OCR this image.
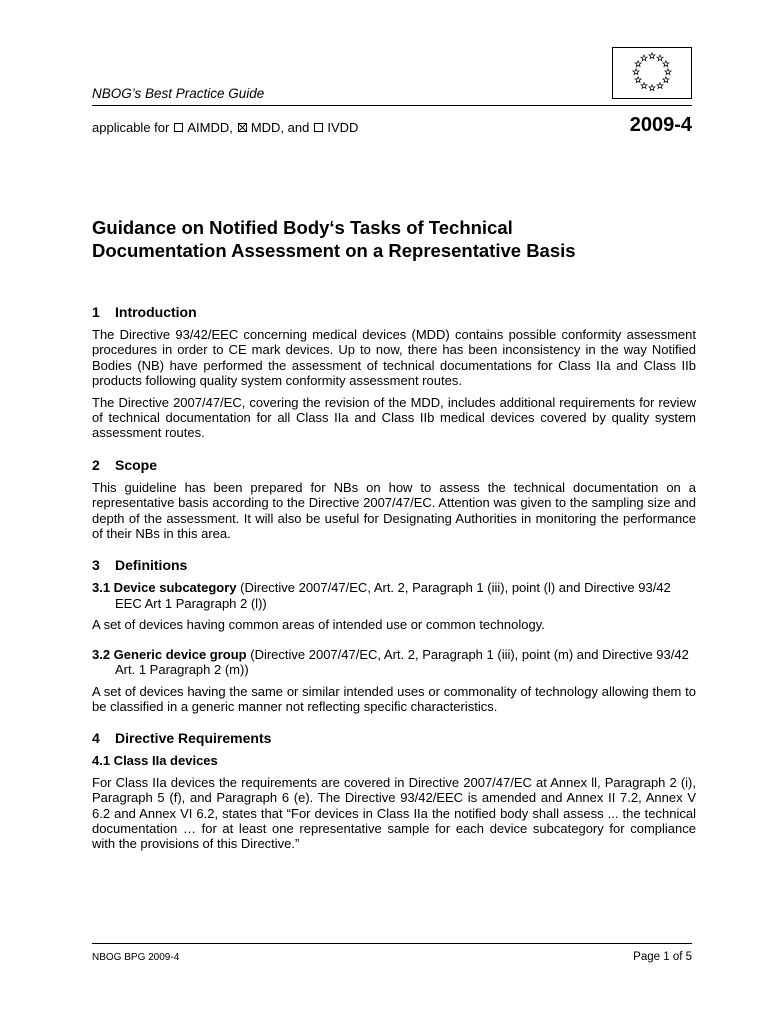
NBOG’s Best Practice Guide
applicable for AIMDD, MDD, and IVDD	2009-4
Guidance on Notified Body‘s Tasks of Technical
Documentation Assessment on a Representative Basis
1 Introduction

The Directive 93/42/EEC concerning medical devices (MDD) contains possible conformity assessment procedures in order to CE mark devices. Up to now, there has been inconsistency in the way Notified Bodies (NB) have performed the assessment of technical documentations for Class IIa and Class IIb products following quality system conformity assessment routes.

The Directive 2007/47/EC, covering the revision of the MDD, includes additional requirements for review of technical documentation for all Class IIa and Class IIb medical devices covered by quality system assessment routes.

2 Scope

This guideline has been prepared for NBs on how to assess the technical documentation on a representative basis according to the Directive 2007/47/EC. Attention was given to the sampling size and depth of the assessment. It will also be useful for Designating Authorities in monitoring the performance of their NBs in this area.

3 Definitions
3.1 Device subcategory (Directive 2007/47/EC, Art. 2, Paragraph 1 (iii), point (l) and Directive 93/42 EEC Art 1 Paragraph 2 (l))

A set of devices having common areas of intended use or common technology.

3.2 Generic device group (Directive 2007/47/EC, Art. 2, Paragraph 1 (iii), point (m) and Directive 93/42 Art. 1 Paragraph 2 (m))

A set of devices having the same or similar intended uses or commonality of technology allowing them to be classified in a generic manner not reflecting specific characteristics.

4 Directive Requirements
4.1 Class IIa devices

For Class IIa devices the requirements are covered in Directive 2007/47/EC at Annex ll, Paragraph 2 (i), Paragraph 5 (f), and Paragraph 6 (e). The Directive 93/42/EEC is amended and Annex II 7.2, Annex V 6.2 and Annex VI 6.2, states that “For devices in Class IIa the notified body shall assess ... the technical documentation … for at least one representative sample for each device subcategory for compliance with the provisions of this Directive.”

NBOG BPG 2009-4	Page 1 of 5
